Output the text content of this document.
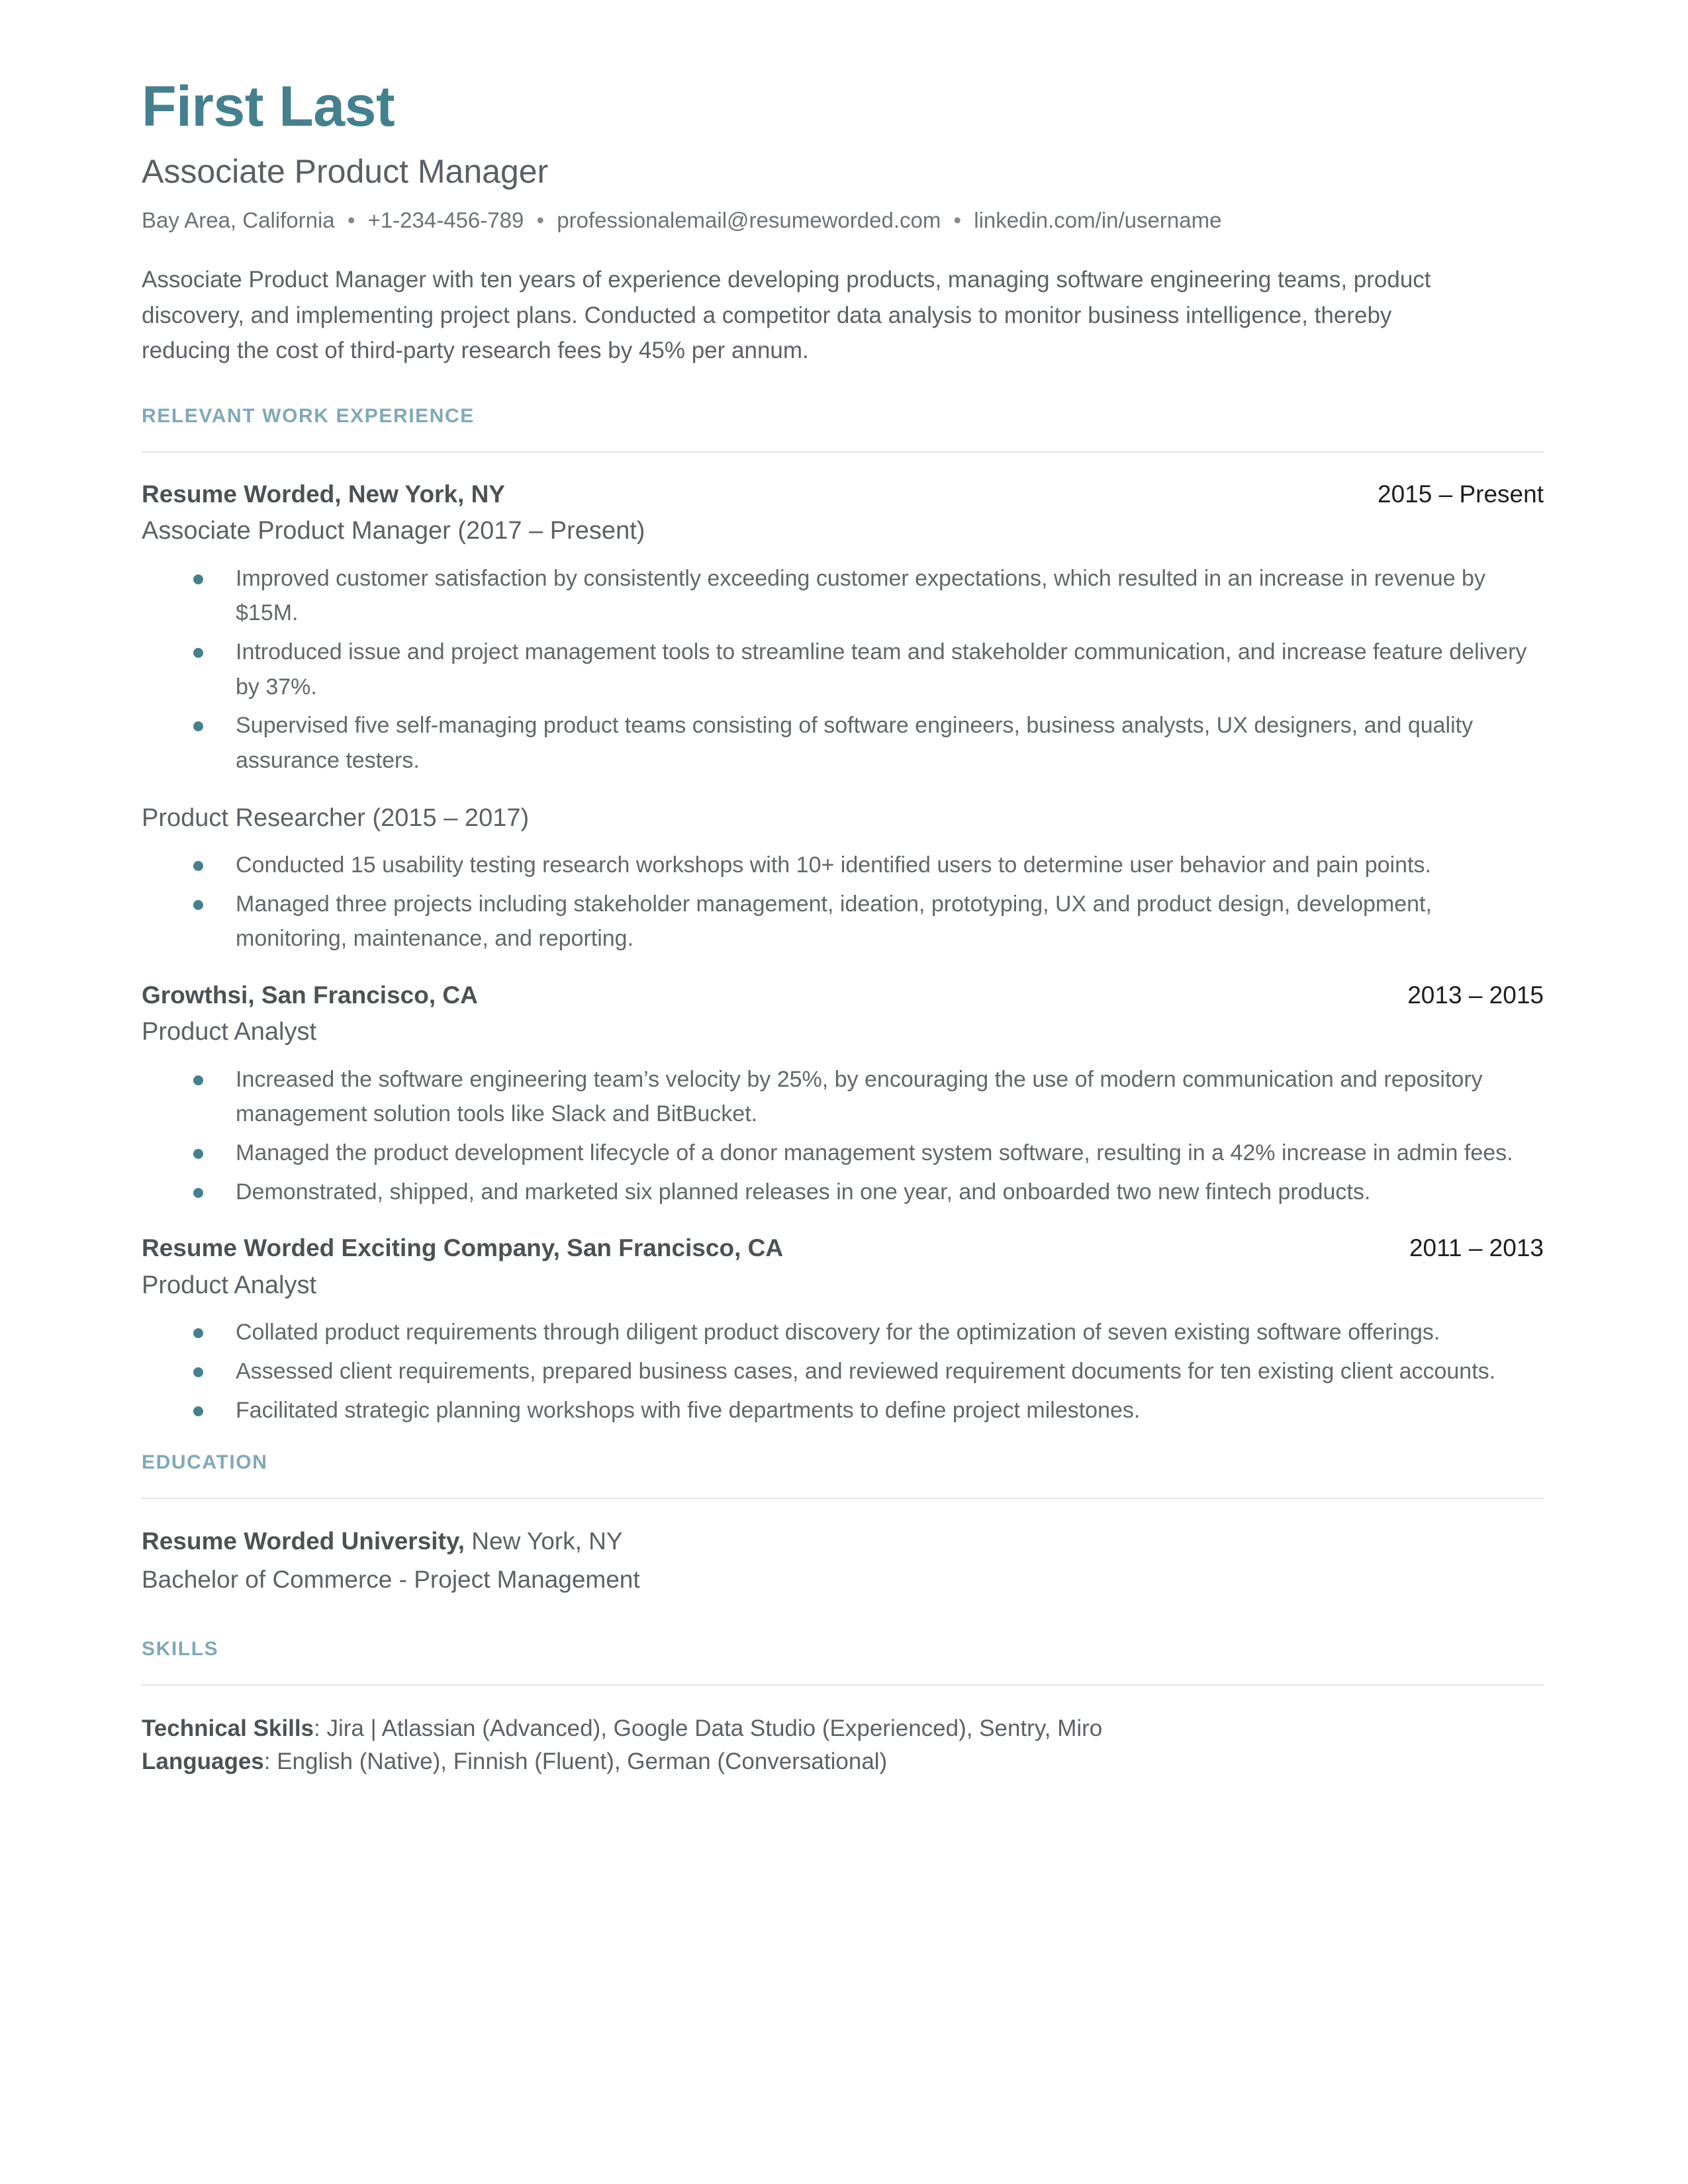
First Last
Associate Product Manager
Bay Area, California • +1-234-456-789 • professionalemail@resumeworded.com • linkedin.com/in/username

Associate Product Manager with ten years of experience developing products, managing software engineering teams, product discovery, and implementing project plans. Conducted a competitor data analysis to monitor business intelligence, thereby reducing the cost of third-party research fees by 45% per annum.

RELEVANT WORK EXPERIENCE
Resume Worded, New York, NY	2015 – Present
Associate Product Manager (2017 – Present)
Improved customer satisfaction by consistently exceeding customer expectations, which resulted in an increase in revenue by $15M.
Introduced issue and project management tools to streamline team and stakeholder communication, and increase feature delivery by 37%.
Supervised five self-managing product teams consisting of software engineers, business analysts, UX designers, and quality assurance testers.
Product Researcher (2015 – 2017)
Conducted 15 usability testing research workshops with 10+ identified users to determine user behavior and pain points.
Managed three projects including stakeholder management, ideation, prototyping, UX and product design, development, monitoring, maintenance, and reporting.
Growthsi, San Francisco, CA	2013 – 2015
Product Analyst
Increased the software engineering team’s velocity by 25%, by encouraging the use of modern communication and repository management solution tools like Slack and BitBucket.
Managed the product development lifecycle of a donor management system software, resulting in a 42% increase in admin fees.
Demonstrated, shipped, and marketed six planned releases in one year, and onboarded two new fintech products.
Resume Worded Exciting Company, San Francisco, CA	2011 – 2013
Product Analyst
Collated product requirements through diligent product discovery for the optimization of seven existing software offerings.
Assessed client requirements, prepared business cases, and reviewed requirement documents for ten existing client accounts.
Facilitated strategic planning workshops with five departments to define project milestones.
EDUCATION
Resume Worded University, New York, NY
Bachelor of Commerce - Project Management
SKILLS
Technical Skills: Jira | Atlassian (Advanced), Google Data Studio (Experienced), Sentry, Miro
Languages: English (Native), Finnish (Fluent), German (Conversational)
